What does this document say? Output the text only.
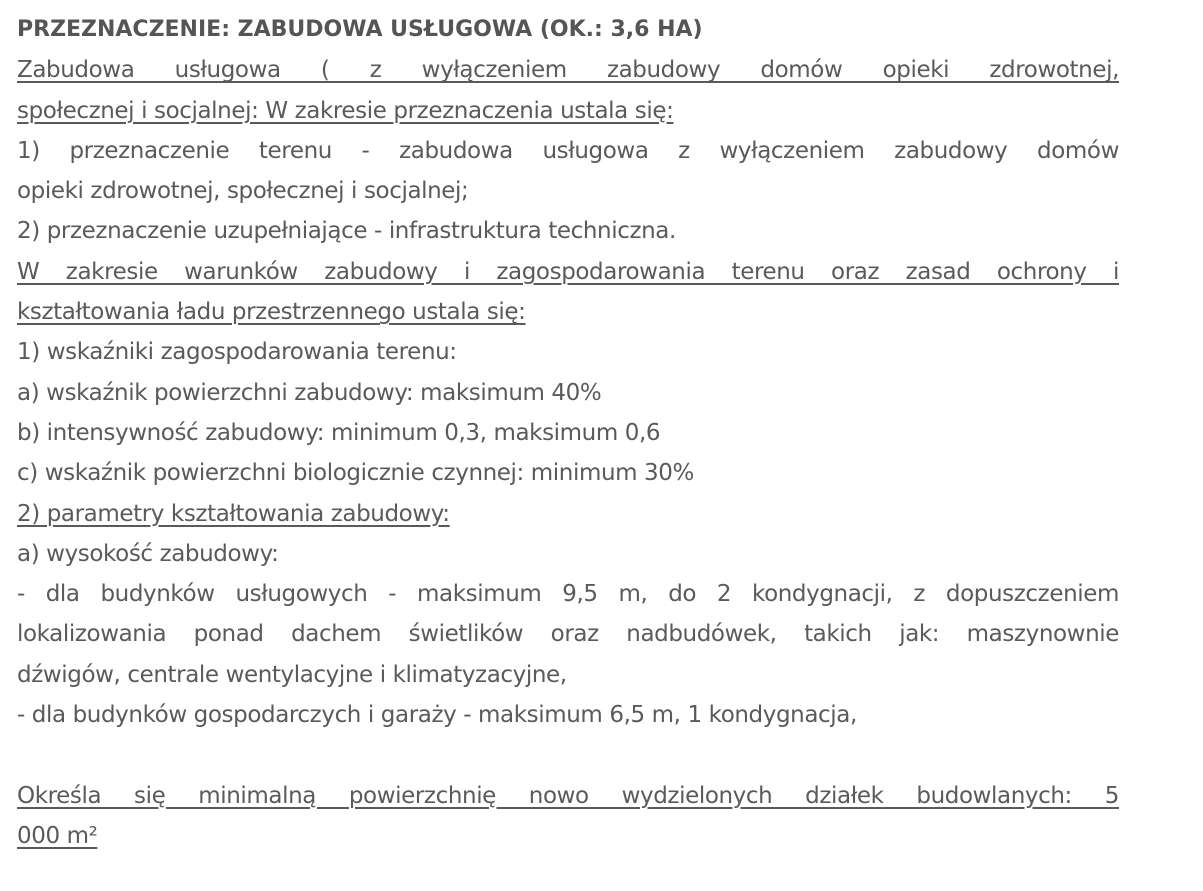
PRZEZNACZENIE: ZABUDOWA USŁUGOWA (OK.: 3,6 HA)
Zabudowa usługowa ( z wyłączeniem zabudowy domów opieki zdrowotnej,
społecznej i socjalnej: W zakresie przeznaczenia ustala się:
1) przeznaczenie terenu - zabudowa usługowa z wyłączeniem zabudowy domów
opieki zdrowotnej, społecznej i socjalnej;
2) przeznaczenie uzupełniające - infrastruktura techniczna.
W zakresie warunków zabudowy i zagospodarowania terenu oraz zasad ochrony i
kształtowania ładu przestrzennego ustala się:
1) wskaźniki zagospodarowania terenu:
a) wskaźnik powierzchni zabudowy: maksimum 40%
b) intensywność zabudowy: minimum 0,3, maksimum 0,6
c) wskaźnik powierzchni biologicznie czynnej: minimum 30%
2) parametry kształtowania zabudowy:
a) wysokość zabudowy:
- dla budynków usługowych - maksimum 9,5 m, do 2 kondygnacji, z dopuszczeniem
lokalizowania ponad dachem świetlików oraz nadbudówek, takich jak: maszynownie
dźwigów, centrale wentylacyjne i klimatyzacyjne,
- dla budynków gospodarczych i garaży - maksimum 6,5 m, 1 kondygnacja,
Określa się minimalną powierzchnię nowo wydzielonych działek budowlanych: 5
000 m²
